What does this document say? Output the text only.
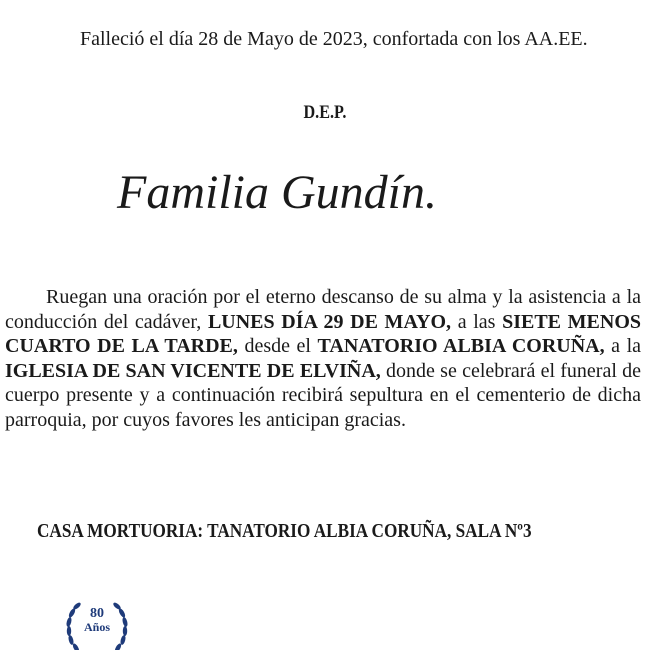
Falleció el día 28 de Mayo de 2023, confortada con los AA.EE.
D.E.P.
Familia Gundín.
Ruegan una oración por el eterno descanso de su alma y la asistencia a la conducción del cadáver, LUNES DÍA 29 DE MAYO, a las SIETE MENOS CUARTO DE LA TARDE, desde el TANATORIO ALBIA CORUÑA, a la IGLESIA DE SAN VICENTE DE ELVIÑA, donde se celebrará el funeral de cuerpo presente y a continuación recibirá sepultura en el cementerio de dicha parroquia, por cuyos favores les anticipan gracias.
CASA MORTUORIA: TANATORIO ALBIA CORUÑA, SALA Nº3
80
Años
